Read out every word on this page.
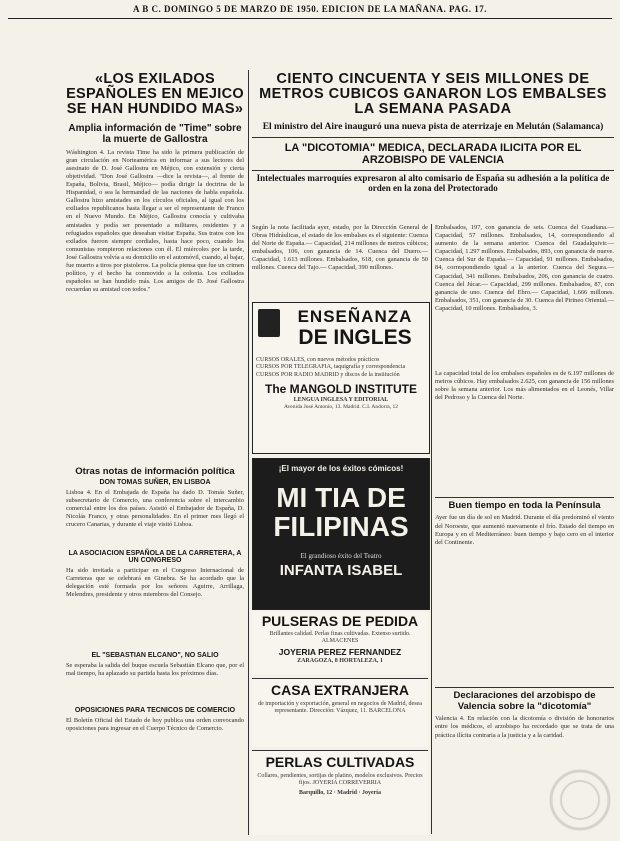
A B C. DOMINGO 5 DE MARZO DE 1950. EDICION DE LA MAÑANA. PAG. 17.
«LOS EXILADOS ESPAÑOLES EN MEJICO SE HAN HUNDIDO MAS»
Amplia información de "Time" sobre la muerte de Gallostra

Wáshington 4. La revista Time ha sido la primera publicación de gran circulación en Norteamérica en informar a sus lectores del asesinato de D. José Gallostra en Méjico, con extensión y cierta objetividad. "Don José Gallostra —dice la revista—, al frente de España, Bolivia, Brasil, Méjico— podía dirigir la doctrina de la Hispanidad, o sea la hermandad de las naciones de habla española. Gallostra hizo amistades en los círculos oficiales, al igual con los exiliados republicanos hasta llegar a ser el representante de Franco en el Nuevo Mundo. En Méjico, Gallostra conocía y cultivaba amistades y podía ser presentado a militares, residentes y a refugiados españoles que deseaban visitar España. Sus tratos con los exilados fueron siempre cordiales, hasta hace poco, cuando los comunistas rompieron relaciones con él. El miércoles por la tarde, José Gallostra volvía a su domicilio en el automóvil, cuando, al bajar, fue muerto a tiros por pistoleros. La policía piensa que fue un crimen político, y el hecho ha conmovido a la colonia. Los exiliados españoles se han hundido más. Los amigos de D. José Gallostra recuerdan su amistad con todos."

Otras notas de información política
DON TOMAS SUÑER, EN LISBOA

Lisboa 4. En el Embajada de España ha dado D. Tomás Suñer, subsecretario de Comercio, una conferencia sobre el intercambio comercial entre los dos países. Asistió el Embajador de España, D. Nicolás Franco, y otras personalidades. En el primer mes llegó el crucero Canarias, y durante el viaje visitó Lisboa.

LA ASOCIACION ESPAÑOLA DE LA CARRETERA, A UN CONGRESO

Ha sido invitada a participar en el Congreso Internacional de Carreteras que se celebrará en Ginebra. Se ha acordado que la delegación esté formada por los señores Aguirre, Arrillaga, Melendres, presidente y otros miembros del Consejo.

EL "SEBASTIAN ELCANO", NO SALIO

Se esperaba la salida del buque escuela Sebastián Elcano que, por el mal tiempo, ha aplazado su partida hasta los próximos días.

OPOSICIONES PARA TECNICOS DE COMERCIO

El Boletín Oficial del Estado de hoy publica una orden convocando oposiciones para ingresar en el Cuerpo Técnico de Comercio.

CIENTO CINCUENTA Y SEIS MILLONES DE METROS CUBICOS GANARON LOS EMBALSES LA SEMANA PASADA
El ministro del Aire inauguró una nueva pista de aterrizaje en Melután (Salamanca)
LA "DICOTOMIA" MEDICA, DECLARADA ILICITA POR EL ARZOBISPO DE VALENCIA
Intelectuales marroquíes expresaron al alto comisario de España su adhesión a la política de orden en la zona del Protectorado

Según la nota facilitada ayer, estado, por la Dirección General de Obras Hidráulicas, el estado de los embalses es el siguiente: Cuenca del Norte de España.— Capacidad, 214 millones de metros cúbicos; embalsados, 106, con ganancia de 14. Cuenca del Duero.— Capacidad, 1.613 millones. Embalsados, 618, con ganancia de 50 millones. Cuenca del Tajo.— Capacidad, 390 millones.

ENSEÑANZA
DE INGLES

CURSOS ORALES, con nuevos métodos prácticos

CURSOS POR TELEGRAFIA, taquigrafía y correspondencia

CURSOS POR RADIO MADRID y discos de la institución

The MANGOLD INSTITUTE
LENGUA INGLESA Y EDITORIAL
Avenida José Antonio, 13. Madrid. C.I. Andorra, 12
¡El mayor de los éxitos cómicos!
MI TIA DE
FILIPINAS
El grandioso éxito del Teatro
INFANTA ISABEL
PULSERAS DE PEDIDA

Brillantes calidad. Perlas finas cultivadas. Extenso surtido. ALMACENES

JOYERIA PEREZ FERNANDEZ

ZARAGOZA, 8 HORTALEZA, 1

CASA EXTRANJERA

de importación y exportación, general en negocios de Madrid, desea representante. Dirección: Vázquez, 11. BARCELONA

PERLAS CULTIVADAS

Collares, pendientes, sortijas de platino, modelos exclusivos. Precios fijos. JOYERIA CORREVERRIA

Barquillo, 12 · Madrid · Joyería

Embalsados, 197, con ganancia de seis. Cuenca del Guadiana.— Capacidad, 57 millones. Embalsados, 14, correspondiendo al aumento de la semana anterior. Cuenca del Guadalquivir.— Capacidad, 1.297 millones. Embalsados, 893, con ganancia de nueve. Cuenca del Sur de España.— Capacidad, 91 millones. Embalsados, 84, correspondiendo igual a la anterior. Cuenca del Segura.— Capacidad, 341 millones. Embalsados, 206, con ganancia de cuatro. Cuenca del Júcar.— Capacidad, 299 millones. Embalsados, 87, con ganancia de uno. Cuenca del Ebro.— Capacidad, 1.666 millones. Embalsados, 351, con ganancia de 30. Cuenca del Pirineo Oriental.— Capacidad, 10 millones. Embalsados, 3.

La capacidad total de los embalses españoles es de 6.197 millones de metros cúbicos. Hay embalsados 2.625, con ganancia de 156 millones sobre la semana anterior. Los más alimentados en el Leonés, Villar del Pedroso y la Cuenca del Norte.

Buen tiempo en toda la Península

Ayer fue un día de sol en Madrid. Durante el día predominó el viento del Noroeste, que aumentó nuevamente el frío. Estado del tiempo en Europa y en el Mediterráneo: buen tiempo y bajo cero en el interior del Continente.

Declaraciones del arzobispo de Valencia sobre la "dicotomía"

Valencia 4. En relación con la dicotomía o división de honorarios entre los médicos, el arzobispo ha recordado que se trata de una práctica ilícita contraria a la justicia y a la caridad.
